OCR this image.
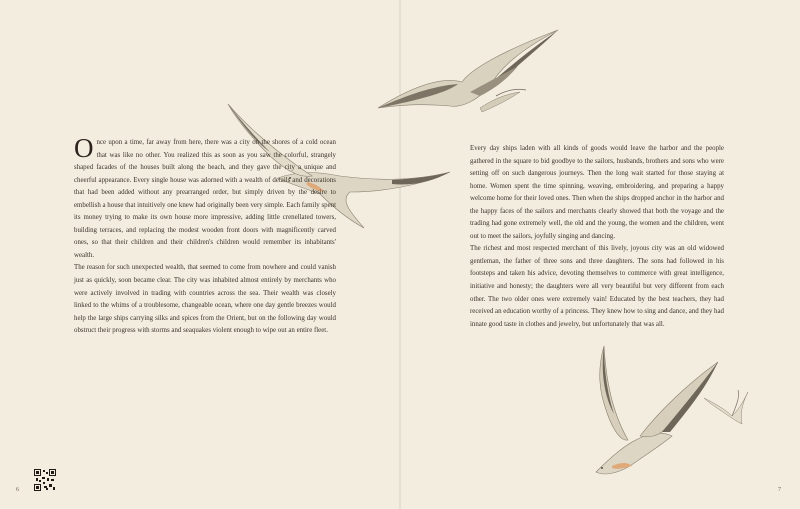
O nce upon a time, far away from here, there was a city on the shores of a cold ocean that was like no other. You realized this as soon as you saw the colorful, strangely shaped facades of the houses built along the beach, and they gave the city a unique and cheerful appearance. Every single house was adorned with a wealth of details and decorations that had been added without any prearranged order, but simply driven by the desire to embellish a house that intuitively one knew had originally been very simple. Each family spent its money trying to make its own house more impressive, adding little crenellated towers, building terraces, and replacing the modest wooden front doors with magnificently carved ones, so that their children and their children's children would remember its inhabitants' wealth.

The reason for such unexpected wealth, that seemed to come from nowhere and could vanish just as quickly, soon became clear. The city was inhabited almost entirely by merchants who were actively involved in trading with countries across the sea. Their wealth was closely linked to the whims of a troublesome, changeable ocean, where one day gentle breezes would help the large ships carrying silks and spices from the Orient, but on the following day would obstruct their progress with storms and seaquakes violent enough to wipe out an entire fleet.

Every day ships laden with all kinds of goods would leave the harbor and the people gathered in the square to bid goodbye to the sailors, husbands, brothers and sons who were setting off on such dangerous journeys. Then the long wait started for those staying at home. Women spent the time spinning, weaving, embroidering, and preparing a happy welcome home for their loved ones. Then when the ships dropped anchor in the harbor and the happy faces of the sailors and merchants clearly showed that both the voyage and the trading had gone extremely well, the old and the young, the women and the children, went out to meet the sailors, joyfully singing and dancing.

The richest and most respected merchant of this lively, joyous city was an old widowed gentleman, the father of three sons and three daughters. The sons had followed in his footsteps and taken his advice, devoting themselves to commerce with great intelligence, initiative and honesty; the daughters were all very beautiful but very different from each other. The two older ones were extremely vain! Educated by the best teachers, they had received an education worthy of a princess. They knew how to sing and dance, and they had innate good taste in clothes and jewelry, but unfortunately that was all.

6	7
